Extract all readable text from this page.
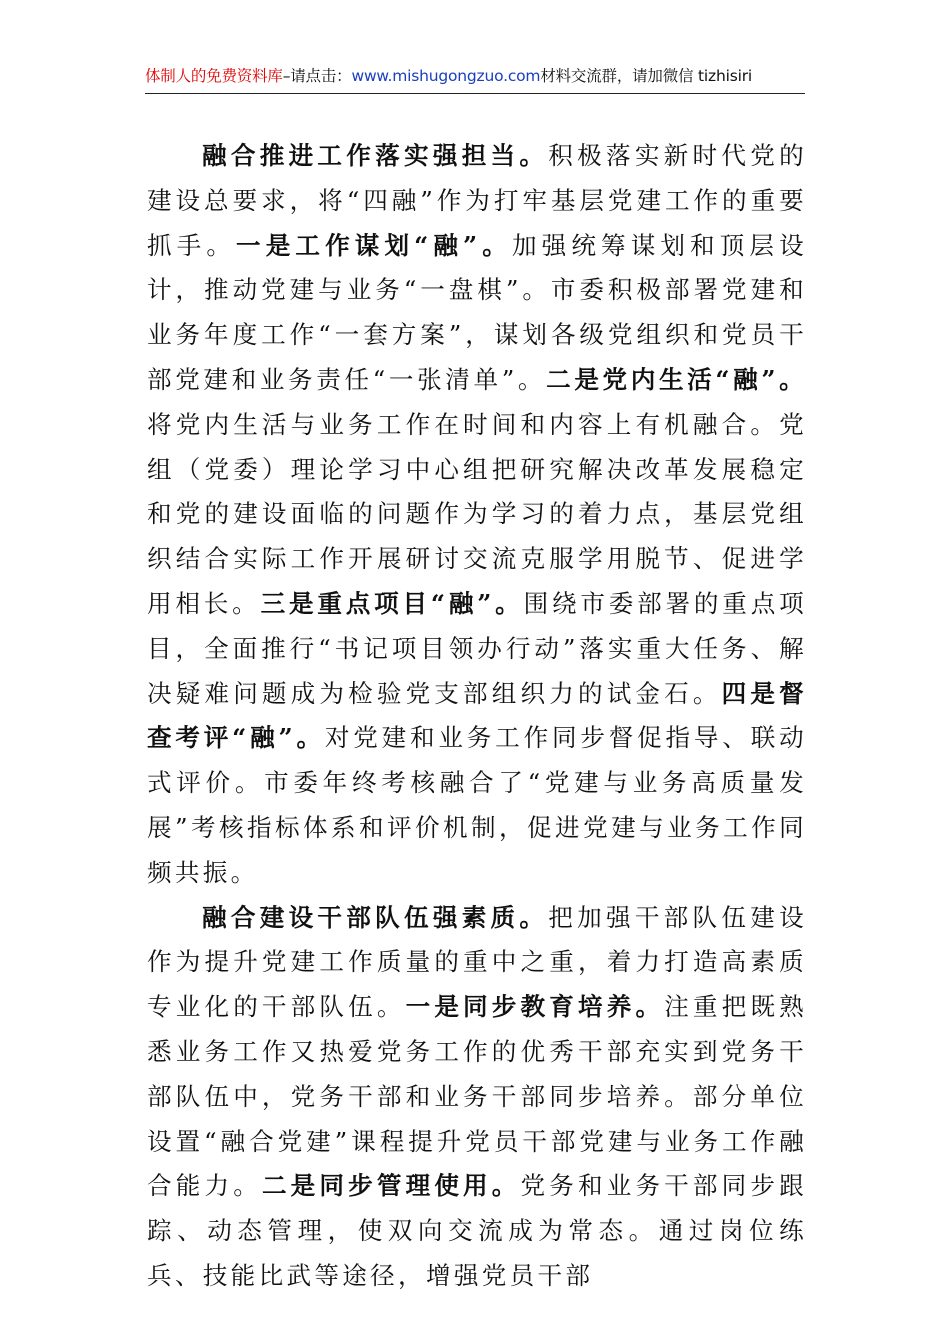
体制人的免费资料库–请点击：www.mishugongzuo.com材料交流群，请加微信 tizhisiri

融合推进工作落实强担当。积极落实新时代党的建设总要求，将“四融”作为打牢基层党建工作的重要抓手。一是工作谋划“融”。加强统筹谋划和顶层设计，推动党建与业务“一盘棋”。市委积极部署党建和业务年度工作“一套方案”，谋划各级党组织和党员干部党建和业务责任“一张清单”。二是党内生活“融”。将党内生活与业务工作在时间和内容上有机融合。党组（党委）理论学习中心组把研究解决改革发展稳定和党的建设面临的问题作为学习的着力点，基层党组织结合实际工作开展研讨交流克服学用脱节、促进学用相长。三是重点项目“融”。围绕市委部署的重点项目，全面推行“书记项目领办行动”落实重大任务、解决疑难问题成为检验党支部组织力的试金石。四是督查考评“融”。对党建和业务工作同步督促指导、联动式评价。市委年终考核融合了“党建与业务高质量发展”考核指标体系和评价机制，促进党建与业务工作同频共振。

融合建设干部队伍强素质。把加强干部队伍建设作为提升党建工作质量的重中之重，着力打造高素质专业化的干部队伍。一是同步教育培养。注重把既熟悉业务工作又热爱党务工作的优秀干部充实到党务干部队伍中，党务干部和业务干部同步培养。部分单位设置“融合党建”课程提升党员干部党建与业务工作融合能力。二是同步管理使用。党务和业务干部同步跟踪、动态管理，使双向交流成为常态。通过岗位练兵、技能比武等途径，增强党员干部
